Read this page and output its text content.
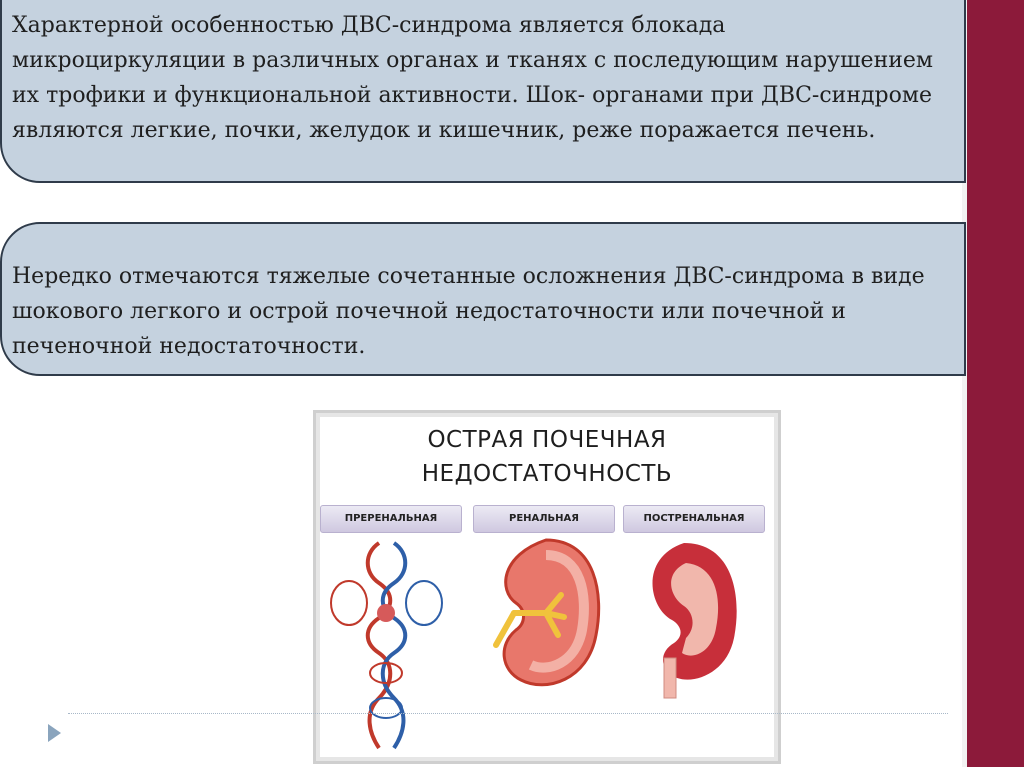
Характерной особенностью ДВС-синдрома является блокада микроциркуляции в различных органах и тканях с последующим нарушением их трофики и функциональной активности. Шок- органами при ДВС-синдроме являются легкие, почки, желудок и кишечник, реже поражается печень.

Нередко отмечаются тяжелые сочетанные осложнения ДВС-синдрома в виде шокового легкого и острой почечной недостаточности или почечной и печеночной недостаточности.

ОСТРАЯ ПОЧЕЧНАЯ
НЕДОСТАТОЧНОСТЬ
ПРЕРЕНАЛЬНАЯ	РЕНАЛЬНАЯ	ПОСТРЕНАЛЬНАЯ
